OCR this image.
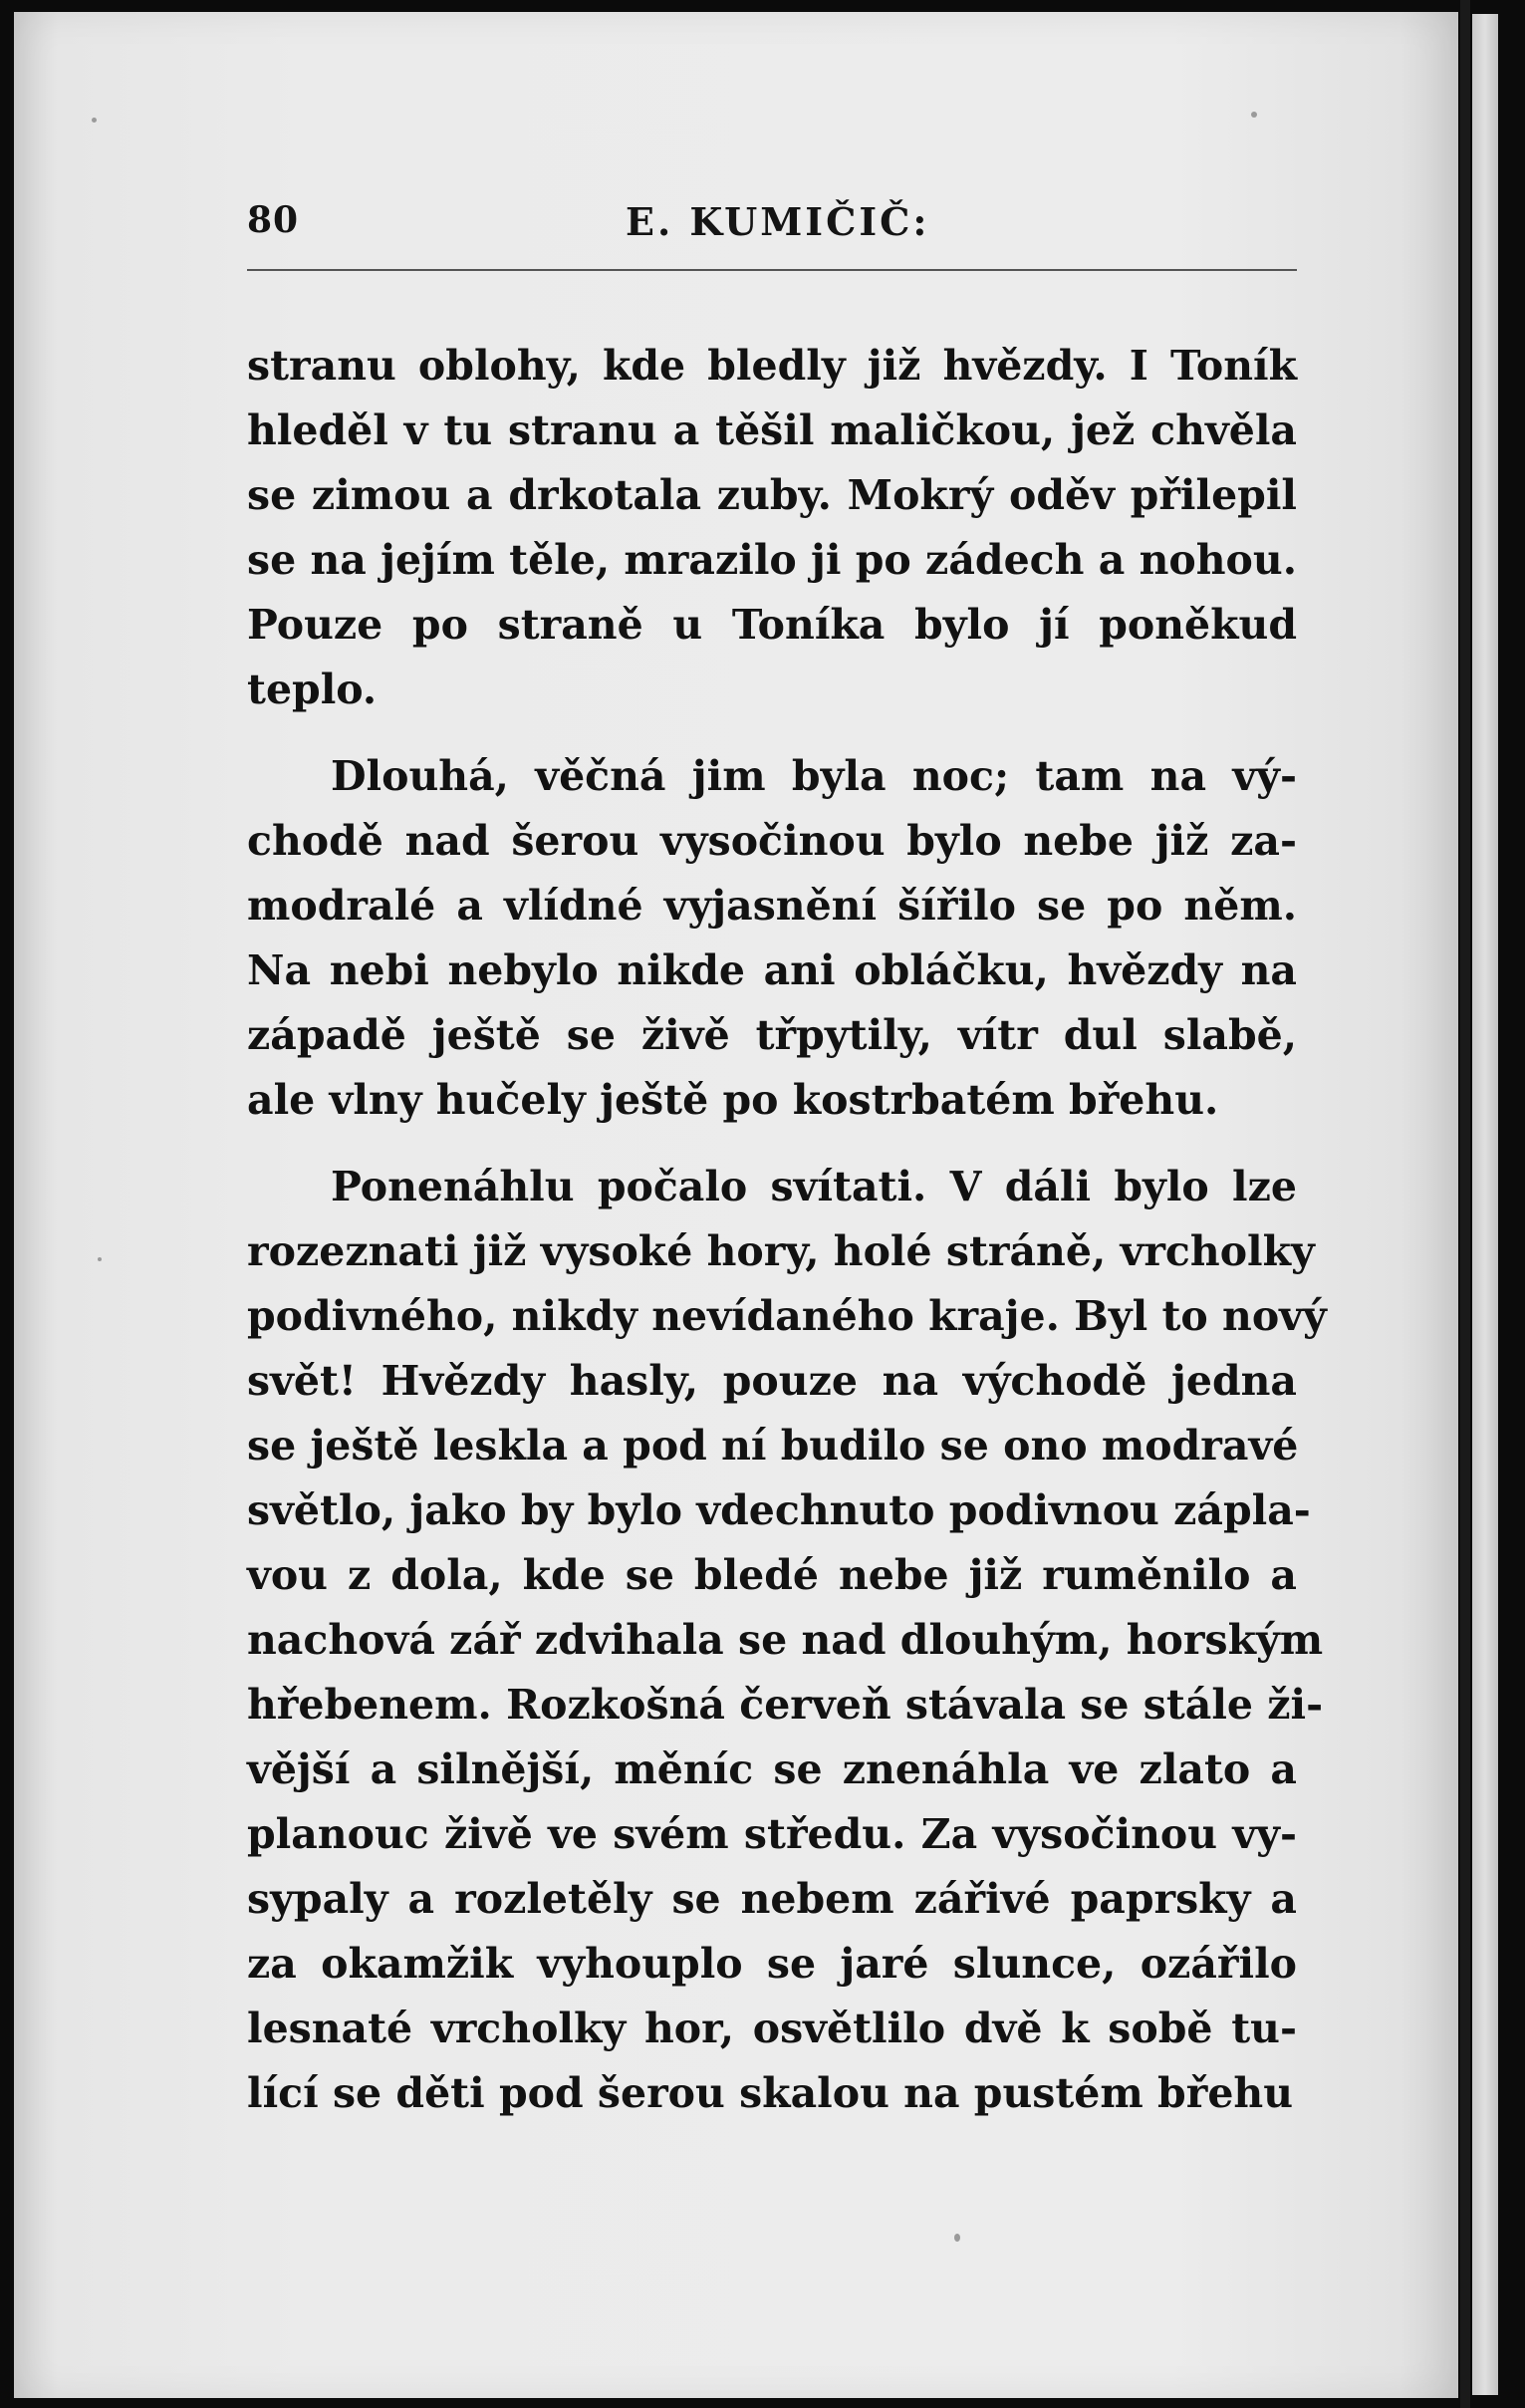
80	E. KUMIČIČ:
stranu oblohy, kde bledly již hvězdy. I Toník
hleděl v tu stranu a těšil maličkou, jež chvěla
se zimou a drkotala zuby. Mokrý oděv přilepil
se na jejím těle, mrazilo ji po zádech a nohou.
Pouze po straně u Toníka bylo jí poněkud
teplo.
Dlouhá, věčná jim byla noc; tam na vý-
chodě nad šerou vysočinou bylo nebe již za-
modralé a vlídné vyjasnění šířilo se po něm.
Na nebi nebylo nikde ani obláčku, hvězdy na
západě ještě se živě třpytily, vítr dul slabě,
ale vlny hučely ještě po kostrbatém břehu.
Ponenáhlu počalo svítati. V dáli bylo lze
rozeznati již vysoké hory, holé stráně, vrcholky
podivného, nikdy nevídaného kraje. Byl to nový
svět! Hvězdy hasly, pouze na východě jedna
se ještě leskla a pod ní budilo se ono modravé
světlo, jako by bylo vdechnuto podivnou zápla-
vou z dola, kde se bledé nebe již ruměnilo a
nachová zář zdvihala se nad dlouhým, horským
hřebenem. Rozkošná červeň stávala se stále ži-
vější a silnější, měníc se znenáhla ve zlato a
planouc živě ve svém středu. Za vysočinou vy-
sypaly a rozletěly se nebem zářivé paprsky a
za okamžik vyhouplo se jaré slunce, ozářilo
lesnaté vrcholky hor, osvětlilo dvě k sobě tu-
lící se děti pod šerou skalou na pustém břehu
